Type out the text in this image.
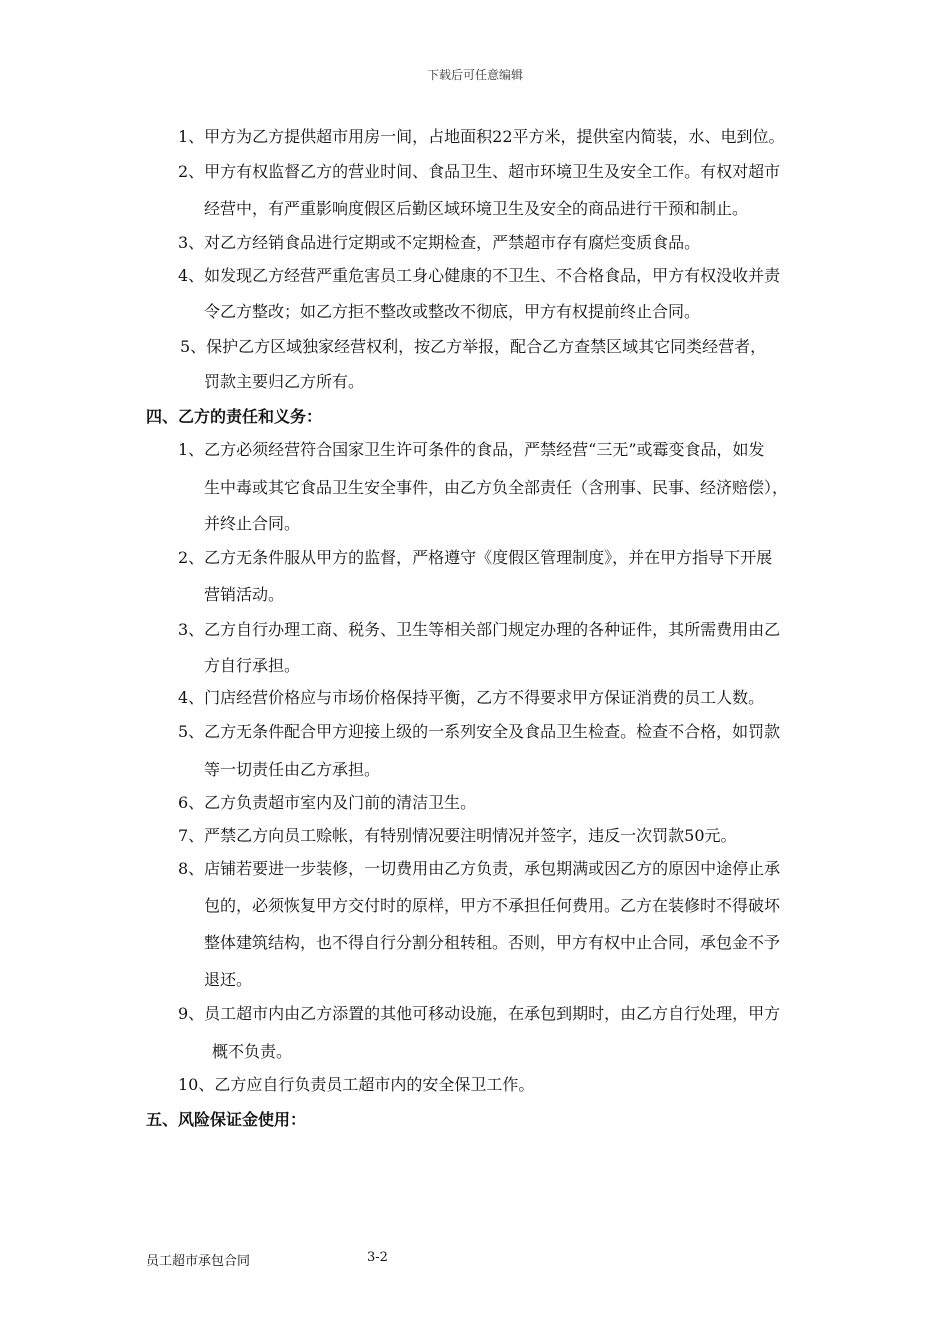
下载后可任意编辑
1、甲方为乙方提供超市用房一间，占地面积22平方米，提供室内简装，水、电到位。
2、甲方有权监督乙方的营业时间、食品卫生、超市环境卫生及安全工作。有权对超市
经营中，有严重影响度假区后勤区域环境卫生及安全的商品进行干预和制止。
3、对乙方经销食品进行定期或不定期检查，严禁超市存有腐烂变质食品。
4、如发现乙方经营严重危害员工身心健康的不卫生、不合格食品，甲方有权没收并责
令乙方整改；如乙方拒不整改或整改不彻底，甲方有权提前终止合同。
5、保护乙方区域独家经营权利，按乙方举报，配合乙方查禁区域其它同类经营者，
罚款主要归乙方所有。
四、乙方的责任和义务：
1、乙方必须经营符合国家卫生许可条件的食品，严禁经营“三无”或霉变食品，如发
生中毒或其它食品卫生安全事件，由乙方负全部责任（含刑事、民事、经济赔偿），
并终止合同。
2、乙方无条件服从甲方的监督，严格遵守《度假区管理制度》，并在甲方指导下开展
营销活动。
3、乙方自行办理工商、税务、卫生等相关部门规定办理的各种证件，其所需费用由乙
方自行承担。
4、门店经营价格应与市场价格保持平衡，乙方不得要求甲方保证消费的员工人数。
5、乙方无条件配合甲方迎接上级的一系列安全及食品卫生检查。检查不合格，如罚款
等一切责任由乙方承担。
6、乙方负责超市室内及门前的清洁卫生。
7、严禁乙方向员工赊帐，有特别情况要注明情况并签字，违反一次罚款50元。
8、店铺若要进一步装修，一切费用由乙方负责，承包期满或因乙方的原因中途停止承
包的，必须恢复甲方交付时的原样，甲方不承担任何费用。乙方在装修时不得破坏
整体建筑结构，也不得自行分割分租转租。否则，甲方有权中止合同，承包金不予
退还。
9、员工超市内由乙方添置的其他可移动设施，在承包到期时，由乙方自行处理，甲方
概不负责。
10、乙方应自行负责员工超市内的安全保卫工作。
五、风险保证金使用：
员工超市承包合同	3-2
